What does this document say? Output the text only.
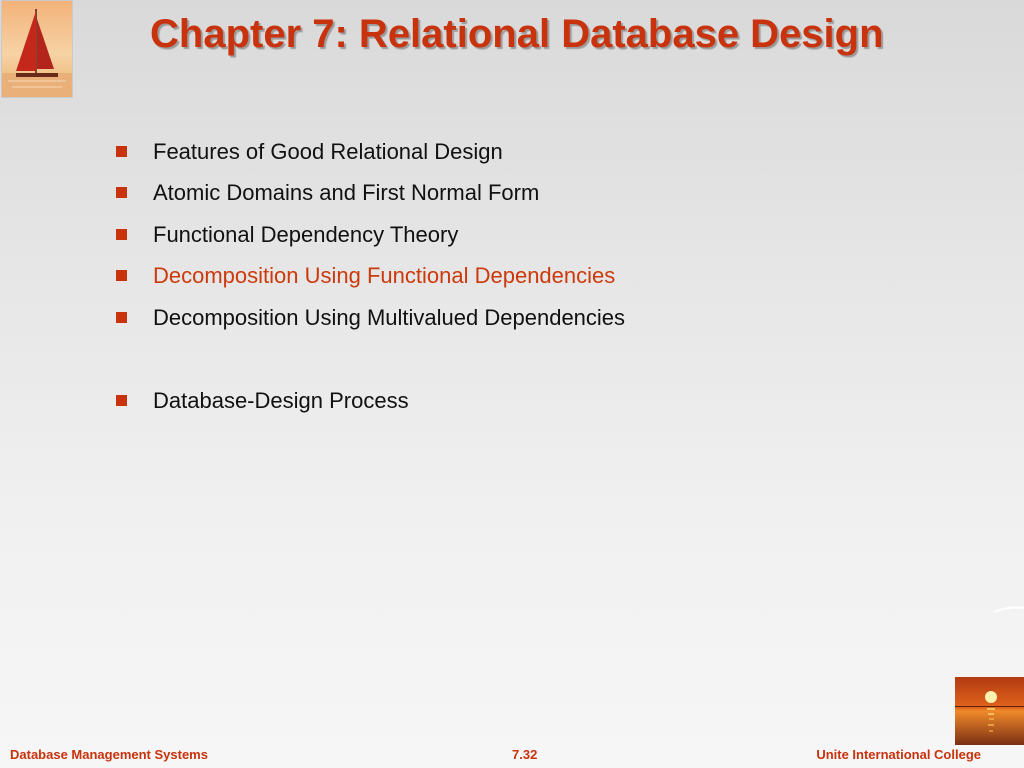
Chapter 7: Relational Database Design
Features of Good Relational Design
Atomic Domains and First Normal Form
Functional Dependency Theory
Decomposition Using Functional Dependencies
Decomposition Using Multivalued Dependencies
Database-Design Process
Database Management Systems	7.32	Unite International College
